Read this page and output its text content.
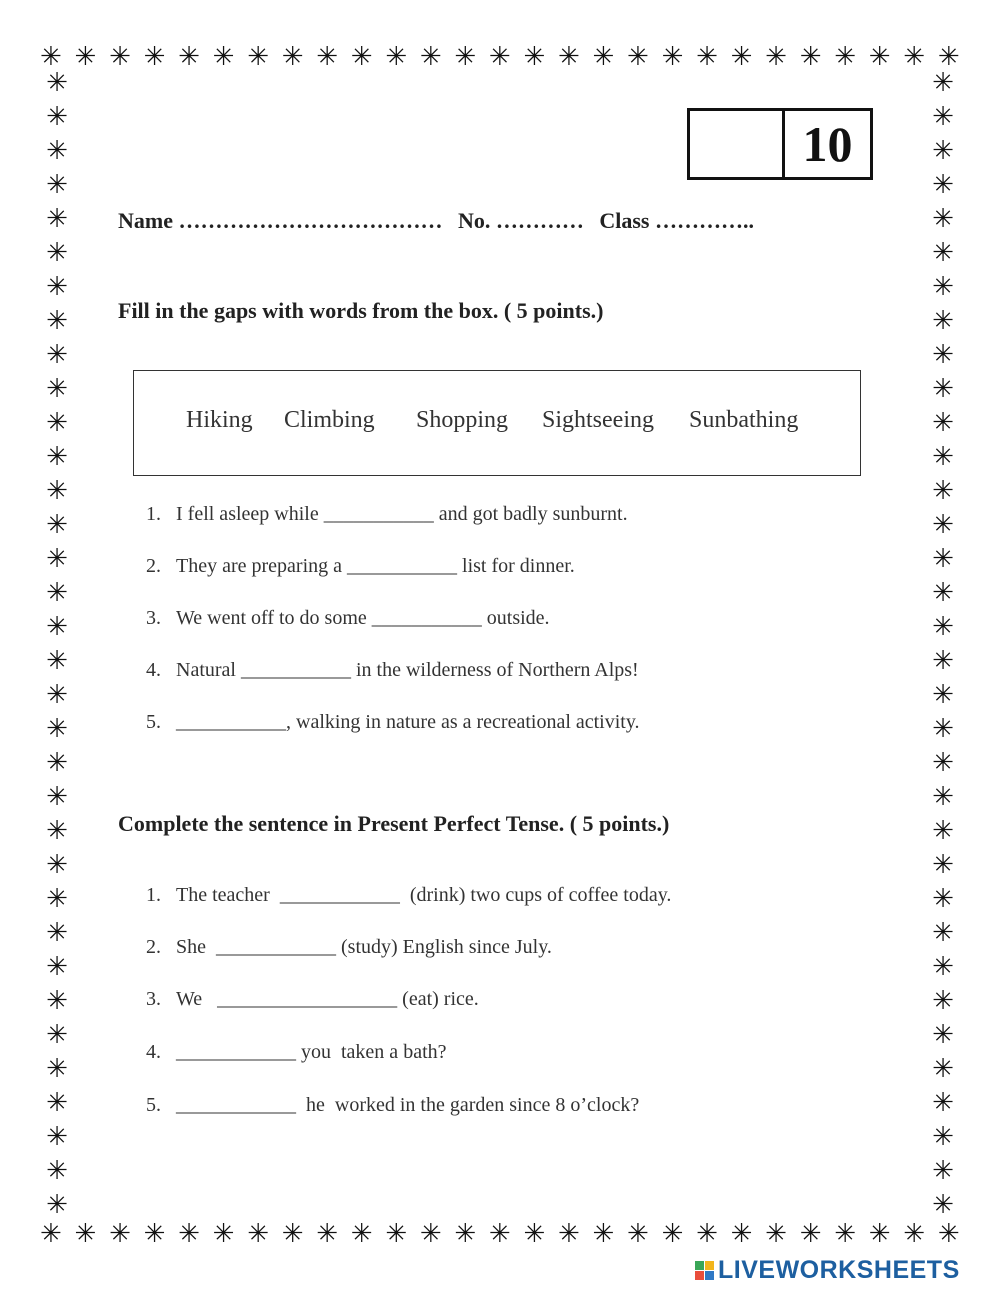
✳ ✳ ✳ ✳ ✳ ✳ ✳ ✳ ✳ ✳ ✳ ✳ ✳ ✳ ✳ ✳ ✳ ✳ ✳ ✳ ✳ ✳ ✳ ✳ ✳ ✳ ✳
✳ ✳ ✳ ✳ ✳ ✳ ✳ ✳ ✳ ✳ ✳ ✳ ✳ ✳ ✳ ✳ ✳ ✳ ✳ ✳ ✳ ✳ ✳ ✳ ✳ ✳ ✳
✳
✳
✳
✳
✳
✳
✳
✳
✳
✳
✳
✳
✳
✳
✳
✳
✳
✳
✳
✳
✳
✳
✳
✳
✳
✳
✳
✳
✳
✳
✳
✳
✳
✳
✳
✳
✳
✳
✳
✳
✳
✳
✳
✳
✳
✳
✳
✳
✳
✳
✳
✳
✳
✳
✳
✳
✳
✳
✳
✳
✳
✳
✳
✳
✳
✳
✳
✳
10
Name ……………………………… No. ………… Class …………..
Fill in the gaps with words from the box. ( 5 points.)
Hiking Climbing Shopping Sightseeing Sunbathing
1. I fell asleep while ___________ and got badly sunburnt.
2. They are preparing a ___________ list for dinner.
3. We went off to do some ___________ outside.
4. Natural ___________ in the wilderness of Northern Alps!
5. ___________, walking in nature as a recreational activity.
Complete the sentence in Present Perfect Tense. ( 5 points.)
1. The teacher  ____________  (drink) two cups of coffee today.
2. She  ____________ (study) English since July.
3. We   __________________ (eat) rice.
4. ____________ you  taken a bath?
5. ____________  he  worked in the garden since 8 o’clock?
LIVEWORKSHEETS
